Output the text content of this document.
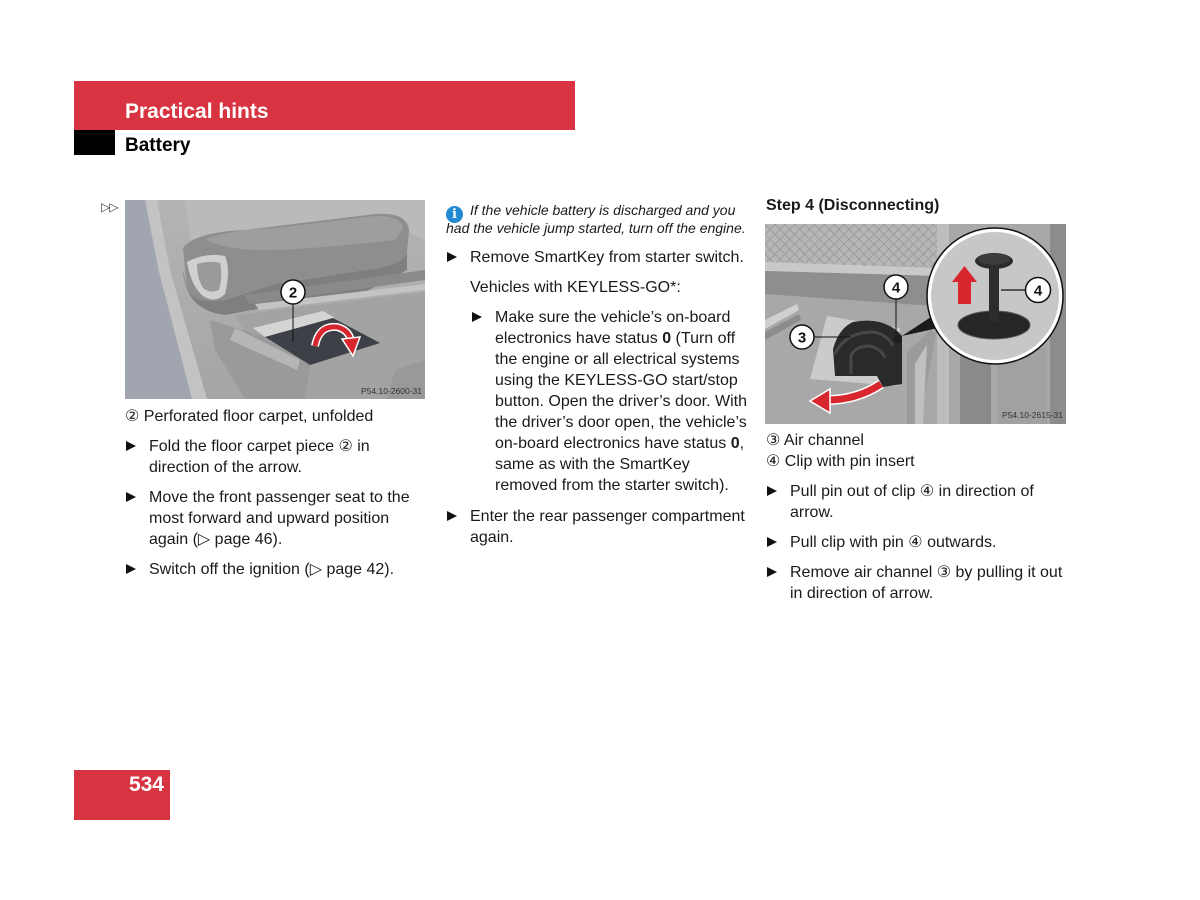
Practical hints
Battery
▷▷
2
P54.10-2600-31
② Perforated floor carpet, unfolded
Fold the floor carpet piece ② in
direction of the arrow.
Move the front passenger seat to the
most forward and upward position
again (▷ page 46).
Switch off the ignition (▷ page 42).
i If the vehicle battery is discharged and you
had the vehicle jump started, turn off the engine.
Remove SmartKey from starter switch.
Vehicles with KEYLESS-GO*:
Make sure the vehicle’s on-board
electronics have status 0 (Turn off
the engine or all electrical systems
using the KEYLESS-GO start/stop
button. Open the driver’s door. With
the driver’s door open, the vehicle’s
on-board electronics have status 0,
same as with the SmartKey
removed from the starter switch).
Enter the rear passenger compartment
again.
Step 4 (Disconnecting)
4
4
3
P54.10-2615-31
③ Air channel
④ Clip with pin insert
Pull pin out of clip ④ in direction of
arrow.
Pull clip with pin ④ outwards.
Remove air channel ③ by pulling it out
in direction of arrow.
534
